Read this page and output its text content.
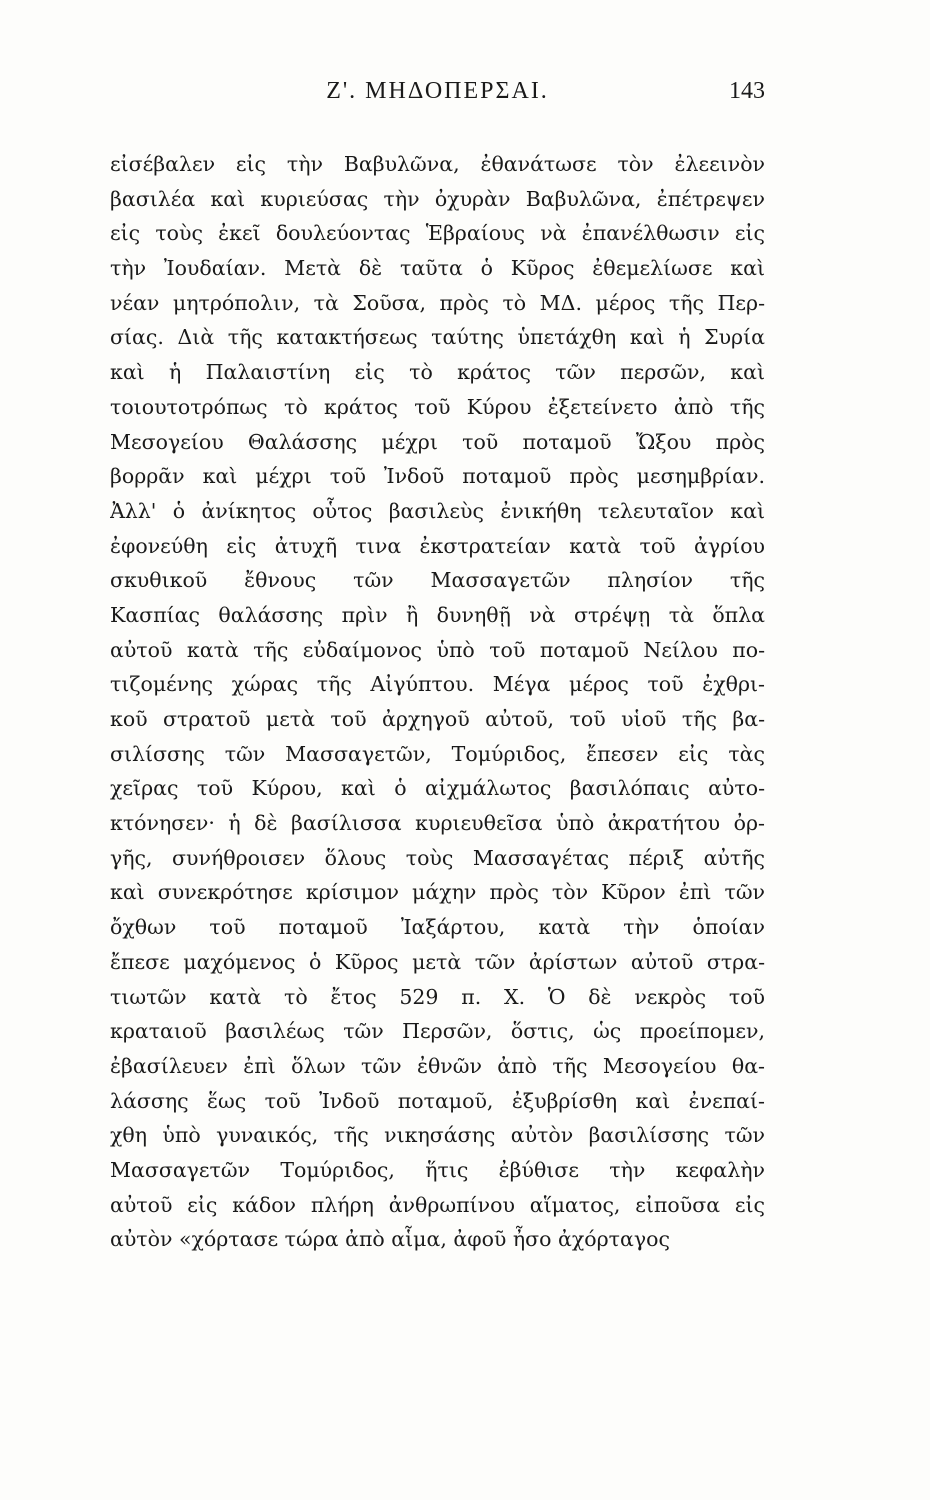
Ζ'. ΜΗΔΟΠΕΡΣΑΙ.	143
εἰσέβαλεν εἰς τὴν Βαβυλῶνα, ἐθανάτωσε τὸν ἐλεεινὸν
βασιλέα καὶ κυριεύσας τὴν ὀχυρὰν Βαβυλῶνα, ἐπέτρεψεν
εἰς τοὺς ἐκεῖ δουλεύοντας Ἑβραίους νὰ ἐπανέλθωσιν εἰς
τὴν Ἰουδαίαν. Μετὰ δὲ ταῦτα ὁ Κῦρος ἐθεμελίωσε καὶ
νέαν μητρόπολιν, τὰ Σοῦσα, πρὸς τὸ ΜΔ. μέρος τῆς Περ-
σίας. Διὰ τῆς κατακτήσεως ταύτης ὑπετάχθη καὶ ἡ Συρία
καὶ ἡ Παλαιστίνη εἰς τὸ κράτος τῶν περσῶν, καὶ
τοιουτοτρόπως τὸ κράτος τοῦ Κύρου ἐξετείνετο ἀπὸ τῆς
Μεσογείου Θαλάσσης μέχρι τοῦ ποταμοῦ Ὤξου πρὸς
βορρᾶν καὶ μέχρι τοῦ Ἰνδοῦ ποταμοῦ πρὸς μεσημβρίαν.
Ἀλλ' ὁ ἀνίκητος οὗτος βασιλεὺς ἐνικήθη τελευταῖον καὶ
ἐφονεύθη εἰς ἀτυχῆ τινα ἐκστρατείαν κατὰ τοῦ ἀγρίου
σκυθικοῦ ἔθνους τῶν Μασσαγετῶν πλησίον τῆς
Κασπίας θαλάσσης πρὶν ἢ δυνηθῇ νὰ στρέψῃ τὰ ὅπλα
αὐτοῦ κατὰ τῆς εὐδαίμονος ὑπὸ τοῦ ποταμοῦ Νείλου πο-
τιζομένης χώρας τῆς Αἰγύπτου. Μέγα μέρος τοῦ ἐχθρι-
κοῦ στρατοῦ μετὰ τοῦ ἀρχηγοῦ αὐτοῦ, τοῦ υἱοῦ τῆς βα-
σιλίσσης τῶν Μασσαγετῶν, Τομύριδος, ἔπεσεν εἰς τὰς
χεῖρας τοῦ Κύρου, καὶ ὁ αἰχμάλωτος βασιλόπαις αὐτο-
κτόνησεν· ἡ δὲ βασίλισσα κυριευθεῖσα ὑπὸ ἀκρατήτου ὀρ-
γῆς, συνήθροισεν ὅλους τοὺς Μασσαγέτας πέριξ αὐτῆς
καὶ συνεκρότησε κρίσιμον μάχην πρὸς τὸν Κῦρον ἐπὶ τῶν
ὄχθων τοῦ ποταμοῦ Ἰαξάρτου, κατὰ τὴν ὁποίαν
ἔπεσε μαχόμενος ὁ Κῦρος μετὰ τῶν ἀρίστων αὐτοῦ στρα-
τιωτῶν κατὰ τὸ ἔτος 529 π. Χ. Ὁ δὲ νεκρὸς τοῦ
κραταιοῦ βασιλέως τῶν Περσῶν, ὅστις, ὡς προείπομεν,
ἐβασίλευεν ἐπὶ ὅλων τῶν ἐθνῶν ἀπὸ τῆς Μεσογείου θα-
λάσσης ἕως τοῦ Ἰνδοῦ ποταμοῦ, ἐξυβρίσθη καὶ ἐνεπαί-
χθη ὑπὸ γυναικός, τῆς νικησάσης αὐτὸν βασιλίσσης τῶν
Μασσαγετῶν Τομύριδος, ἥτις ἐβύθισε τὴν κεφαλὴν
αὐτοῦ εἰς κάδον πλήρη ἀνθρωπίνου αἵματος, εἰποῦσα εἰς
αὐτὸν «χόρτασε τώρα ἀπὸ αἷμα, ἀφοῦ ἦσο ἀχόρταγος
